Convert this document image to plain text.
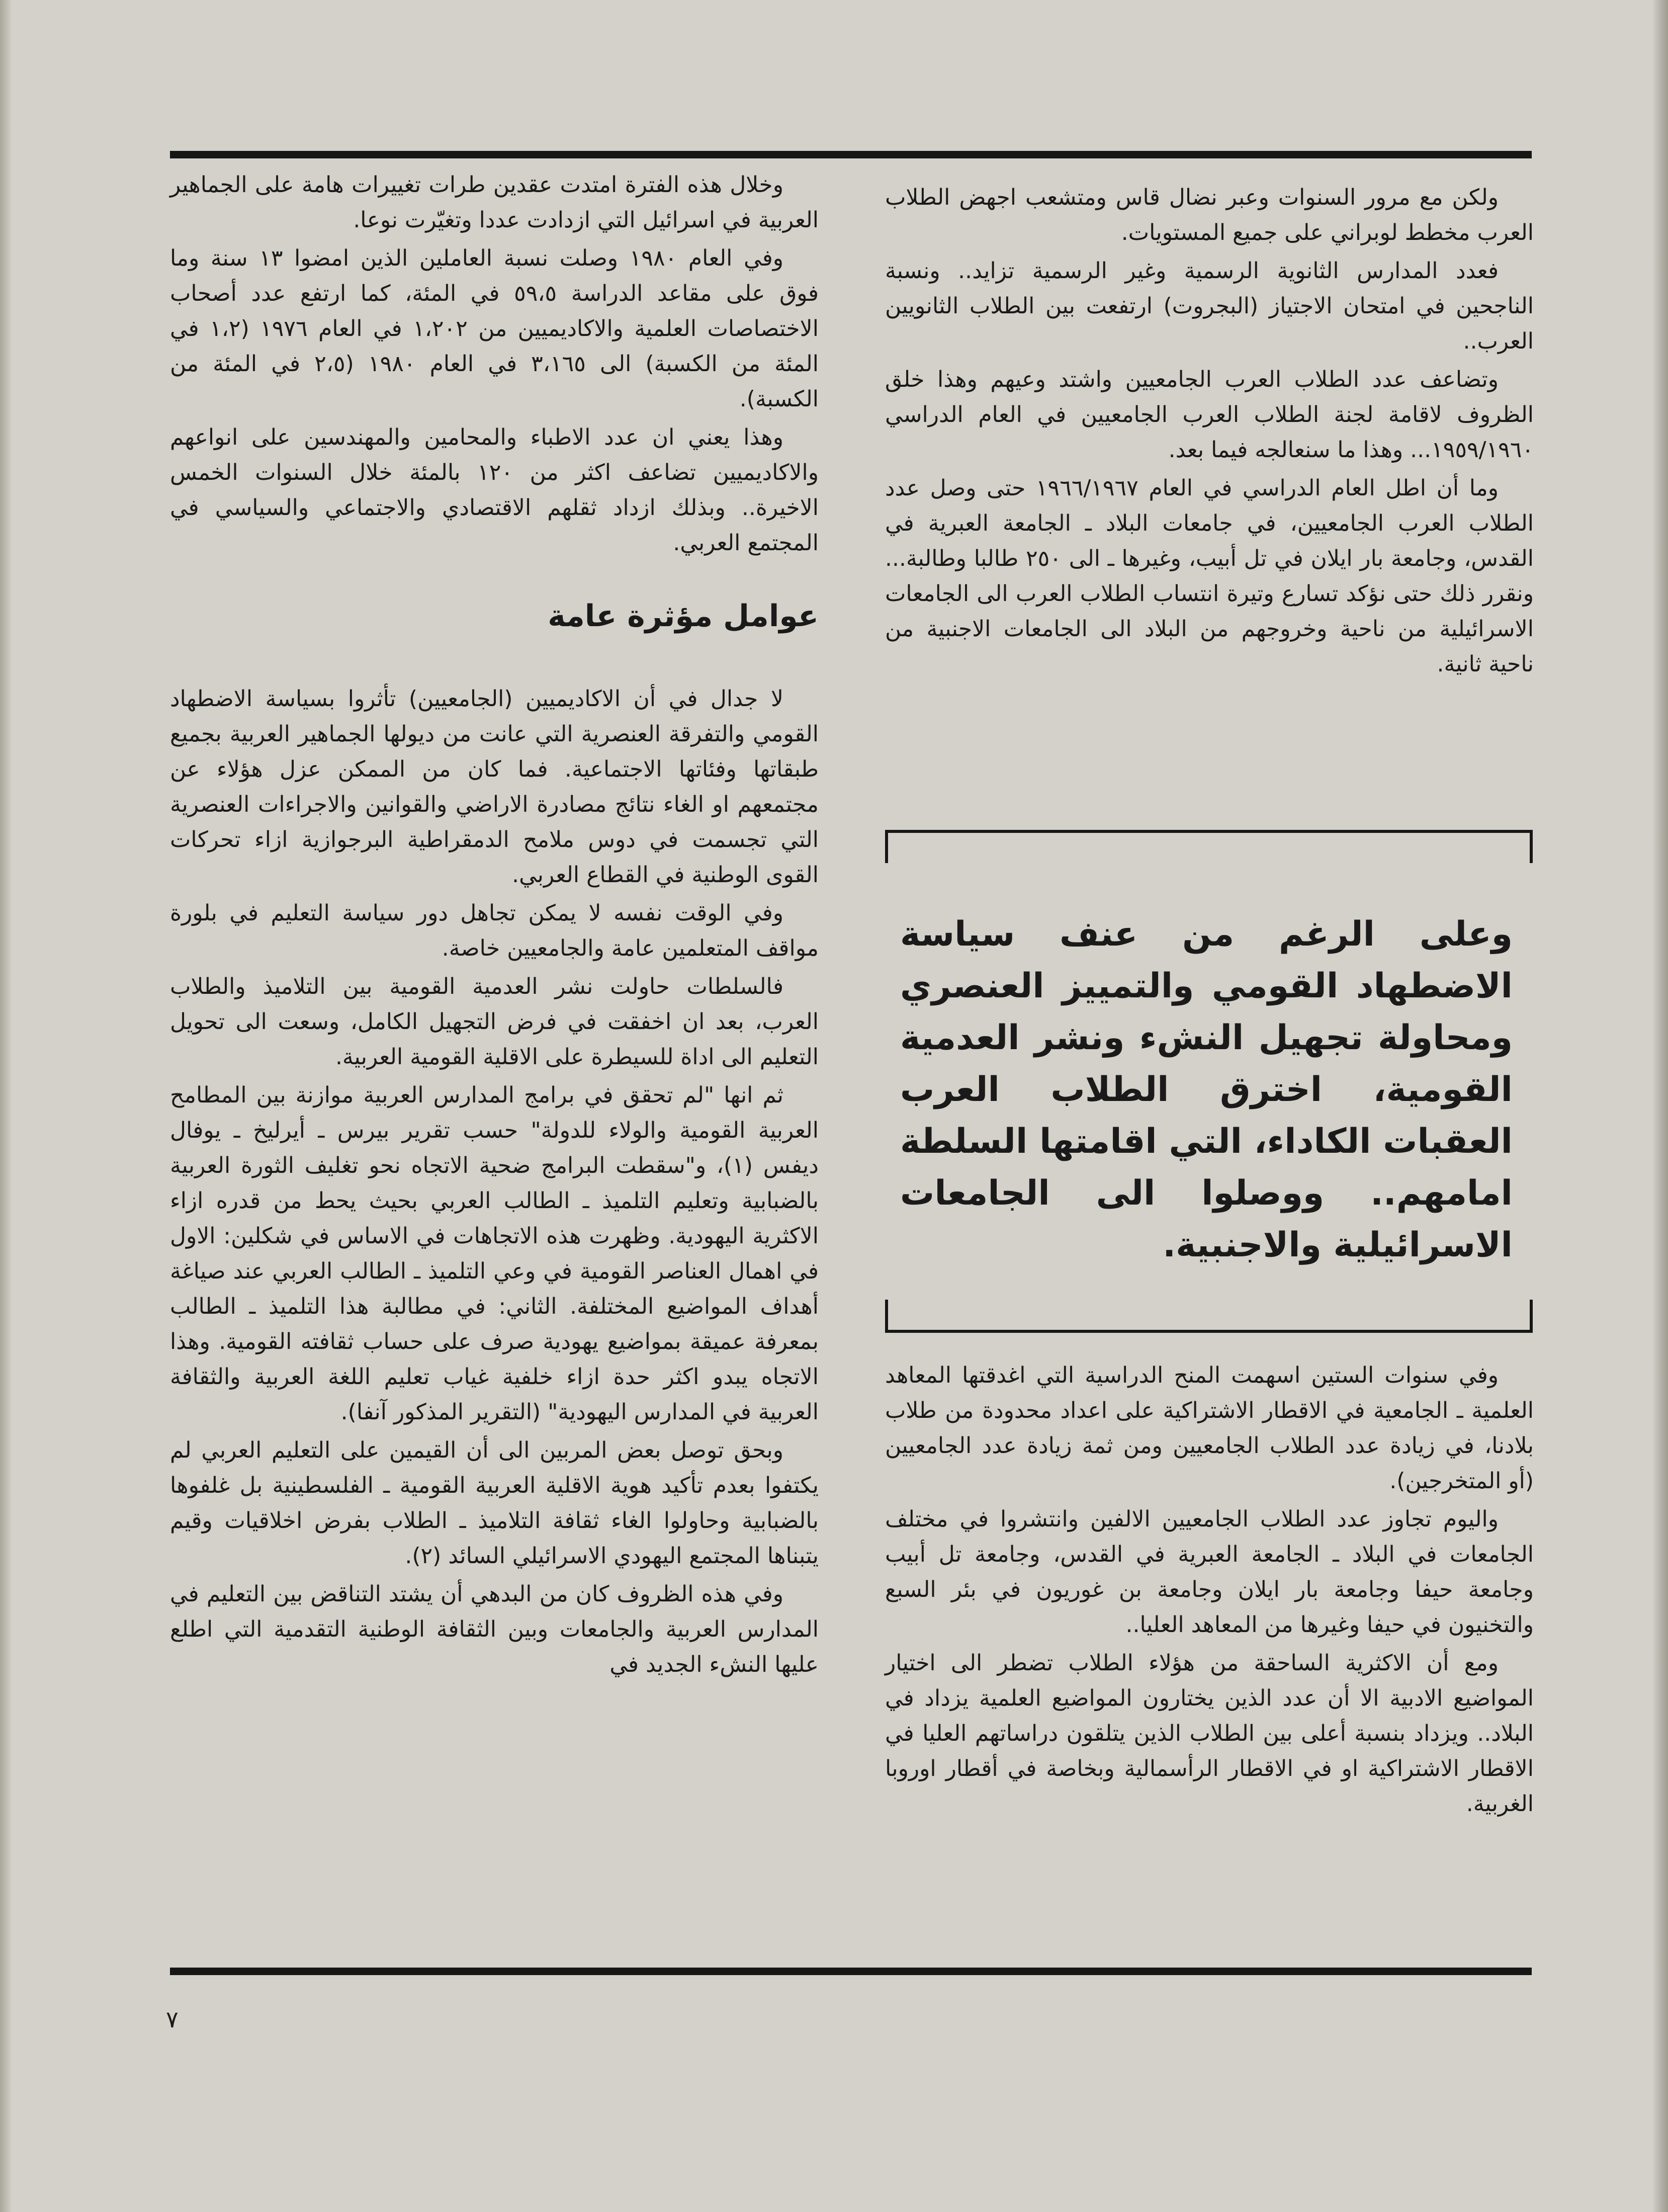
وخلال هذه الفترة امتدت عقدين طرات تغييرات هامة على الجماهير العربية في اسرائيل التي ازدادت عددا وتغيّرت نوعا.

وفي العام ١٩٨٠ وصلت نسبة العاملين الذين امضوا ١٣ سنة وما فوق على مقاعد الدراسة ٥٩،٥ في المئة، كما ارتفع عدد أصحاب الاختصاصات العلمية والاكاديميين من ١،٢٠٢ في العام ١٩٧٦ (١،٢ في المئة من الكسبة) الى ٣،١٦٥ في العام ١٩٨٠ (٢،٥ في المئة من الكسبة).

وهذا يعني ان عدد الاطباء والمحامين والمهندسين على انواعهم والاكاديميين تضاعف اكثر من ١٢٠ بالمئة خلال السنوات الخمس الاخيرة.. وبذلك ازداد ثقلهم الاقتصادي والاجتماعي والسياسي في المجتمع العربي.

عوامل مؤثرة عامة

لا جدال في أن الاكاديميين (الجامعيين) تأثروا بسياسة الاضطهاد القومي والتفرقة العنصرية التي عانت من ديولها الجماهير العربية بجميع طبقاتها وفئاتها الاجتماعية. فما كان من الممكن عزل هؤلاء عن مجتمعهم او الغاء نتائج مصادرة الاراضي والقوانين والاجراءات العنصرية التي تجسمت في دوس ملامح الدمقراطية البرجوازية ازاء تحركات القوى الوطنية في القطاع العربي.

وفي الوقت نفسه لا يمكن تجاهل دور سياسة التعليم في بلورة مواقف المتعلمين عامة والجامعيين خاصة.

فالسلطات حاولت نشر العدمية القومية بين التلاميذ والطلاب العرب، بعد ان اخفقت في فرض التجهيل الكامل، وسعت الى تحويل التعليم الى اداة للسيطرة على الاقلية القومية العربية.

ثم انها "لم تحقق في برامج المدارس العربية موازنة بين المطامح العربية القومية والولاء للدولة" حسب تقرير بيرس ـ أيرليخ ـ يوفال ديفس (١)، و"سقطت البرامج ضحية الاتجاه نحو تغليف الثورة العربية بالضبابية وتعليم التلميذ ـ الطالب العربي بحيث يحط من قدره ازاء الاكثرية اليهودية. وظهرت هذه الاتجاهات في الاساس في شكلين: الاول في اهمال العناصر القومية في وعي التلميذ ـ الطالب العربي عند صياغة أهداف المواضيع المختلفة. الثاني: في مطالبة هذا التلميذ ـ الطالب بمعرفة عميقة بمواضيع يهودية صرف على حساب ثقافته القومية. وهذا الاتجاه يبدو اكثر حدة ازاء خلفية غياب تعليم اللغة العربية والثقافة العربية في المدارس اليهودية" (التقرير المذكور آنفا).

وبحق توصل بعض المربين الى أن القيمين على التعليم العربي لم يكتفوا بعدم تأكيد هوية الاقلية العربية القومية ـ الفلسطينية بل غلفوها بالضبابية وحاولوا الغاء ثقافة التلاميذ ـ الطلاب بفرض اخلاقيات وقيم يتبناها المجتمع اليهودي الاسرائيلي السائد (٢).

وفي هذه الظروف كان من البدهي أن يشتد التناقض بين التعليم في المدارس العربية والجامعات وبين الثقافة الوطنية التقدمية التي اطلع عليها النشء الجديد في

ولكن مع مرور السنوات وعبر نضال قاس ومتشعب اجهض الطلاب العرب مخطط لوبراني على جميع المستويات.

فعدد المدارس الثانوية الرسمية وغير الرسمية تزايد.. ونسبة الناجحين في امتحان الاجتياز (البجروت) ارتفعت بين الطلاب الثانويين العرب..

وتضاعف عدد الطلاب العرب الجامعيين واشتد وعيهم وهذا خلق الظروف لاقامة لجنة الطلاب العرب الجامعيين في العام الدراسي ١٩٥٩/١٩٦٠... وهذا ما سنعالجه فيما بعد.

وما أن اطل العام الدراسي في العام ١٩٦٦/١٩٦٧ حتى وصل عدد الطلاب العرب الجامعيين، في جامعات البلاد ـ الجامعة العبرية في القدس، وجامعة بار ايلان في تل أبيب، وغيرها ـ الى ٢٥٠ طالبا وطالبة... ونقرر ذلك حتى نؤكد تسارع وتيرة انتساب الطلاب العرب الى الجامعات الاسرائيلية من ناحية وخروجهم من البلاد الى الجامعات الاجنبية من ناحية ثانية.

وعلى الرغم من عنف سياسة الاضطهاد القومي والتمييز العنصري ومحاولة تجهيل النشء ونشر العدمية القومية، اخترق الطلاب العرب العقبات الكاداء، التي اقامتها السلطة امامهم.. ووصلوا الى الجامعات الاسرائيلية والاجنبية.

وفي سنوات الستين اسهمت المنح الدراسية التي اغدقتها المعاهد العلمية ـ الجامعية في الاقطار الاشتراكية على اعداد محدودة من طلاب بلادنا، في زيادة عدد الطلاب الجامعيين ومن ثمة زيادة عدد الجامعيين (أو المتخرجين).

واليوم تجاوز عدد الطلاب الجامعيين الالفين وانتشروا في مختلف الجامعات في البلاد ـ الجامعة العبرية في القدس، وجامعة تل أبيب وجامعة حيفا وجامعة بار ايلان وجامعة بن غوريون في بئر السبع والتخنيون في حيفا وغيرها من المعاهد العليا..

ومع أن الاكثرية الساحقة من هؤلاء الطلاب تضطر الى اختيار المواضيع الادبية الا أن عدد الذين يختارون المواضيع العلمية يزداد في البلاد.. ويزداد بنسبة أعلى بين الطلاب الذين يتلقون دراساتهم العليا في الاقطار الاشتراكية او في الاقطار الرأسمالية وبخاصة في أقطار اوروبا الغربية.

٧
